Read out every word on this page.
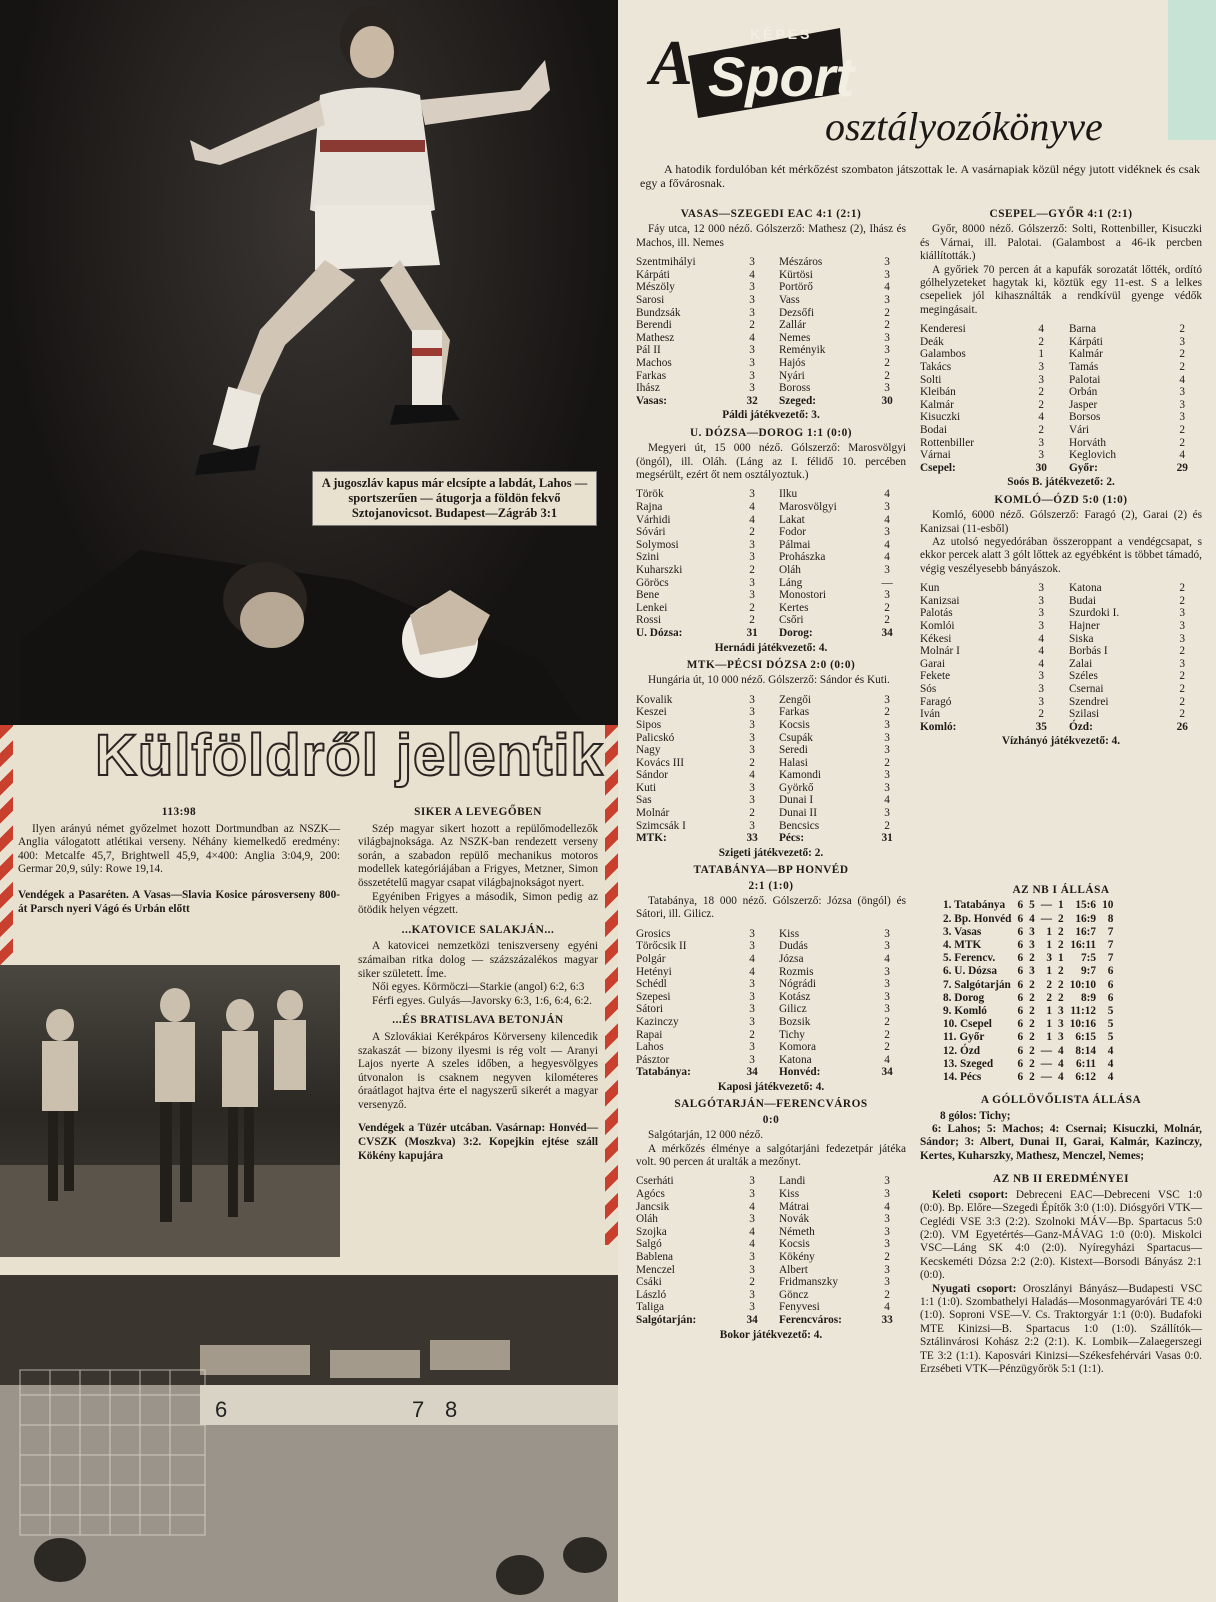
A jugoszláv kapus már elcsípte a labdát, Lahos — sportszerűen — átugorja a földön fekvő Sztojanovicsot. Budapest—Zágráb 3:1
Külföldről jelentik

113:98

Ilyen arányú német győzelmet hozott Dortmundban az NSZK—Anglia válogatott atlétikai verseny. Néhány kiemelkedő eredmény: 400: Metcalfe 45,7, Brightwell 45,9, 4×400: Anglia 3:04,9, 200: Germar 20,9, súly: Rowe 19,14.

Vendégek a Pasaréten. A Vasas—Slavia Kosice párosverseny 800-át Parsch nyeri Vágó és Urbán előtt

SIKER A LEVEGŐBEN

Szép magyar sikert hozott a repülőmodellezők világbajnoksága. Az NSZK-ban rendezett verseny során, a szabadon repülő mechanikus motoros modellek kategóriájában a Frigyes, Metzner, Simon összetételű magyar csapat világbajnokságot nyert.

Egyéniben Frigyes a második, Simon pedig az ötödik helyen végzett.

...KATOVICE SALAKJÁN...

A katovicei nemzetközi teniszverseny egyéni számaiban ritka dolog — százszázalékos magyar siker született. Íme.

Női egyes. Körmöczi—Starkie (angol) 6:2, 6:3

Férfi egyes. Gulyás—Javorsky 6:3, 1:6, 6:4, 6:2.

...ÉS BRATISLAVA BETONJÁN

A Szlovákiai Kerékpáros Körverseny kilencedik szakaszát — bizony ilyesmi is rég volt — Aranyi Lajos nyerte A szeles időben, a hegyesvölgyes útvonalon is csaknem negyven kilométeres óraátlagot hajtva érte el nagyszerű sikerét a magyar versenyző.

Vendégek a Tüzér utcában. Vasárnap: Honvéd—CVSZK (Moszkva) 3:2. Kopejkin ejtése száll Kökény kapujára

6	7 8
A	KÉPES
Sport
osztályozókönyve
A hatodik fordulóban két mérkőzést szombaton játszottak le. A vasárnapiak közül négy jutott vidéknek és csak egy a fővárosnak.
VASAS—SZEGEDI EAC 4:1 (2:1)

Fáy utca, 12 000 néző. Gólszerző: Mathesz (2), Ihász és Machos, ill. Nemes

Szentmihályi	3	Mészáros	3
Kárpáti	4	Kürtösi	3
Mészöly	3	Portörő	4
Sarosi	3	Vass	3
Bundzsák	3	Dezsőfi	2
Berendi	2	Zallár	2
Mathesz	4	Nemes	3
Pál II	3	Reményik	3
Machos	3	Hajós	2
Farkas	3	Nyári	2
Ihász	3	Boross	3
Vasas:	32	Szeged:	30
Páldi játékvezető: 3.
U. DÓZSA—DOROG 1:1 (0:0)

Megyeri út, 15 000 néző. Gólszerző: Marosvölgyi (öngól), ill. Oláh. (Láng az I. félidő 10. percében megsérült, ezért őt nem osztályoztuk.)

Török	3	Ilku	4
Rajna	4	Marosvölgyi	3
Várhidi	4	Lakat	4
Sóvári	2	Fodor	3
Solymosi	3	Pálmai	4
Szini	3	Prohászka	4
Kuharszki	2	Oláh	3
Göröcs	3	Láng	—
Bene	3	Monostori	3
Lenkei	2	Kertes	2
Rossi	2	Csőri	2
U. Dózsa:	31	Dorog:	34
Hernádi játékvezető: 4.
MTK—PÉCSI DÓZSA 2:0 (0:0)

Hungária út, 10 000 néző. Gólszerző: Sándor és Kuti.

Kovalik	3	Zengői	3
Keszei	3	Farkas	2
Sipos	3	Kocsis	3
Palicskó	3	Csupák	3
Nagy	3	Seredi	3
Kovács III	2	Halasi	2
Sándor	4	Kamondi	3
Kuti	3	Györkő	3
Sas	3	Dunai I	4
Molnár	2	Dunai II	3
Szimcsák I	3	Bencsics	2
MTK:	33	Pécs:	31
Szigeti játékvezető: 2.
TATABÁNYA—BP HONVÉD
2:1 (1:0)

Tatabánya, 18 000 néző. Gólszerző: Józsa (öngól) és Sátori, ill. Gilicz.

Grosics	3	Kiss	3
Törőcsik II	3	Dudás	3
Polgár	4	Józsa	4
Hetényi	4	Rozmis	3
Schédl	3	Nógrádi	3
Szepesi	3	Kotász	3
Sátori	3	Gilicz	3
Kazinczy	3	Bozsik	2
Rapai	2	Tichy	2
Lahos	3	Komora	2
Pásztor	3	Katona	4
Tatabánya:	34	Honvéd:	34
Kaposi játékvezető: 4.
SALGÓTARJÁN—FERENCVÁROS
0:0

Salgótarján, 12 000 néző.

A mérkőzés élménye a salgótarjáni fedezetpár játéka volt. 90 percen át uralták a mezőnyt.

Cserháti	3	Landi	3
Agócs	3	Kiss	3
Jancsik	4	Mátrai	4
Oláh	3	Novák	3
Szojka	4	Németh	3
Salgó	4	Kocsis	3
Bablena	3	Kökény	2
Menczel	3	Albert	3
Csáki	2	Fridmanszky	3
László	3	Göncz	2
Taliga	3	Fenyvesi	4
Salgótarján:	34	Ferencváros:	33
Bokor játékvezető: 4.
CSEPEL—GYŐR 4:1 (2:1)

Győr, 8000 néző. Gólszerző: Solti, Rottenbiller, Kisuczki és Várnai, ill. Palotai. (Galambost a 46-ik percben kiállították.)

A győriek 70 percen át a kapufák sorozatát lőtték, ordító gólhelyzeteket hagytak ki, köztük egy 11-est. S a lelkes csepeliek jól kihasználták a rendkívül gyenge védők megingásait.

Kenderesi	4	Barna	2
Deák	2	Kárpáti	3
Galambos	1	Kalmár	2
Takács	3	Tamás	2
Solti	3	Palotai	4
Kleibán	2	Orbán	3
Kalmár	2	Jasper	3
Kisuczki	4	Borsos	3
Bodai	2	Vári	2
Rottenbiller	3	Horváth	2
Várnai	3	Keglovich	4
Csepel:	30	Győr:	29
Soós B. játékvezető: 2.
KOMLÓ—ÓZD 5:0 (1:0)

Komló, 6000 néző. Gólszerző: Faragó (2), Garai (2) és Kanizsai (11-esből)

Az utolsó negyedórában összeroppant a vendégcsapat, s ekkor percek alatt 3 gólt lőttek az egyébként is többet támadó, végig veszélyesebb bányászok.

Kun	3	Katona	2
Kanizsai	3	Budai	2
Palotás	3	Szurdoki I.	3
Komlói	3	Hajner	3
Kékesi	4	Siska	3
Molnár I	4	Borbás I	2
Garai	4	Zalai	3
Fekete	3	Széles	2
Sós	3	Csernai	2
Faragó	3	Szendrei	2
Iván	2	Szilasi	2
Komló:	35	Ózd:	26
Vízhányó játékvezető: 4.
AZ NB I ÁLLÁSA
1. Tatabánya	6	5	—	1	15:6	10
2. Bp. Honvéd	6	4	—	2	16:9	8
3. Vasas	6	3	1	2	16:7	7
4. MTK	6	3	1	2	16:11	7
5. Ferencv.	6	2	3	1	7:5	7
6. U. Dózsa	6	3	1	2	9:7	6
7. Salgótarján	6	2	2	2	10:10	6
8. Dorog	6	2	2	2	8:9	6
9. Komló	6	2	1	3	11:12	5
10. Csepel	6	2	1	3	10:16	5
11. Győr	6	2	1	3	6:15	5
12. Ózd	6	2	—	4	8:14	4
13. Szeged	6	2	—	4	6:11	4
14. Pécs	6	2	—	4	6:12	4
A GÓLLÖVŐLISTA ÁLLÁSA

8 gólos: Tichy;

6: Lahos; 5: Machos; 4: Csernai; Kisuczki, Molnár, Sándor; 3: Albert, Dunai II, Garai, Kalmár, Kazinczy, Kertes, Kuharszky, Mathesz, Menczel, Nemes;

AZ NB II EREDMÉNYEI

Keleti csoport: Debreceni EAC—Debreceni VSC 1:0 (0:0). Bp. Előre—Szegedi Építők 3:0 (1:0). Diósgyőri VTK—Ceglédi VSE 3:3 (2:2). Szolnoki MÁV—Bp. Spartacus 5:0 (2:0). VM Egyetértés—Ganz-MÁVAG 1:0 (0:0). Miskolci VSC—Láng SK 4:0 (2:0). Nyíregyházi Spartacus—Kecskeméti Dózsa 2:2 (2:0). Kistext—Borsodi Bányász 2:1 (0:0).

Nyugati csoport: Oroszlányi Bányász—Budapesti VSC 1:1 (1:0). Szombathelyi Haladás—Mosonmagyaróvári TE 4:0 (1:0). Soproni VSE—V. Cs. Traktorgyár 1:1 (0:0). Budafoki MTE Kinizsi—B. Spartacus 1:0 (1:0). Szállítók—Sztálinvárosi Kohász 2:2 (2:1). K. Lombik—Zalaegerszegi TE 3:2 (1:1). Kaposvári Kinizsi—Székesfehérvári Vasas 0:0. Erzsébeti VTK—Pénzügyőrök 5:1 (1:1).
